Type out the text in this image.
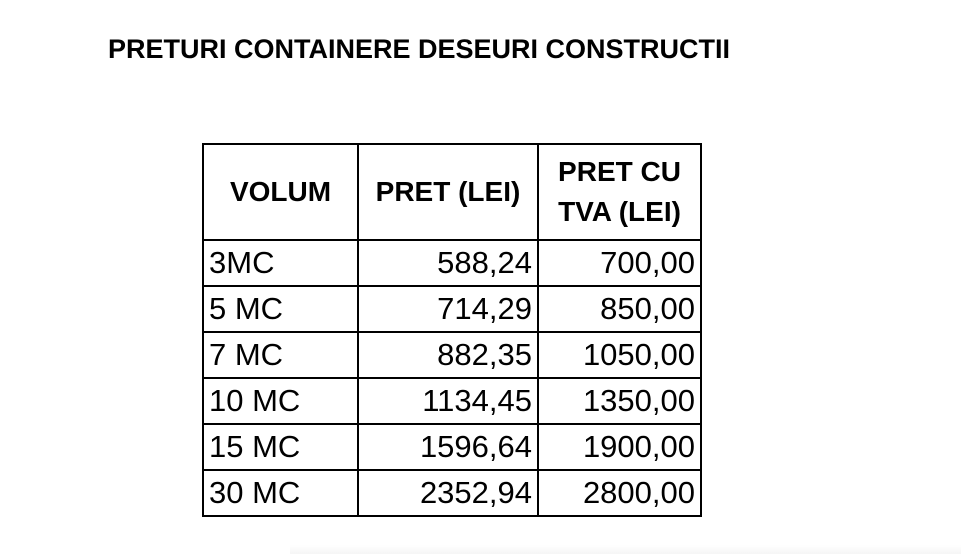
PRETURI CONTAINERE DESEURI CONSTRUCTII
VOLUM	PRET (LEI)	PRET CU
TVA (LEI)
3MC	588,24	700,00
5 MC	714,29	850,00
7 MC	882,35	1050,00
10 MC	1134,45	1350,00
15 MC	1596,64	1900,00
30 MC	2352,94	2800,00
